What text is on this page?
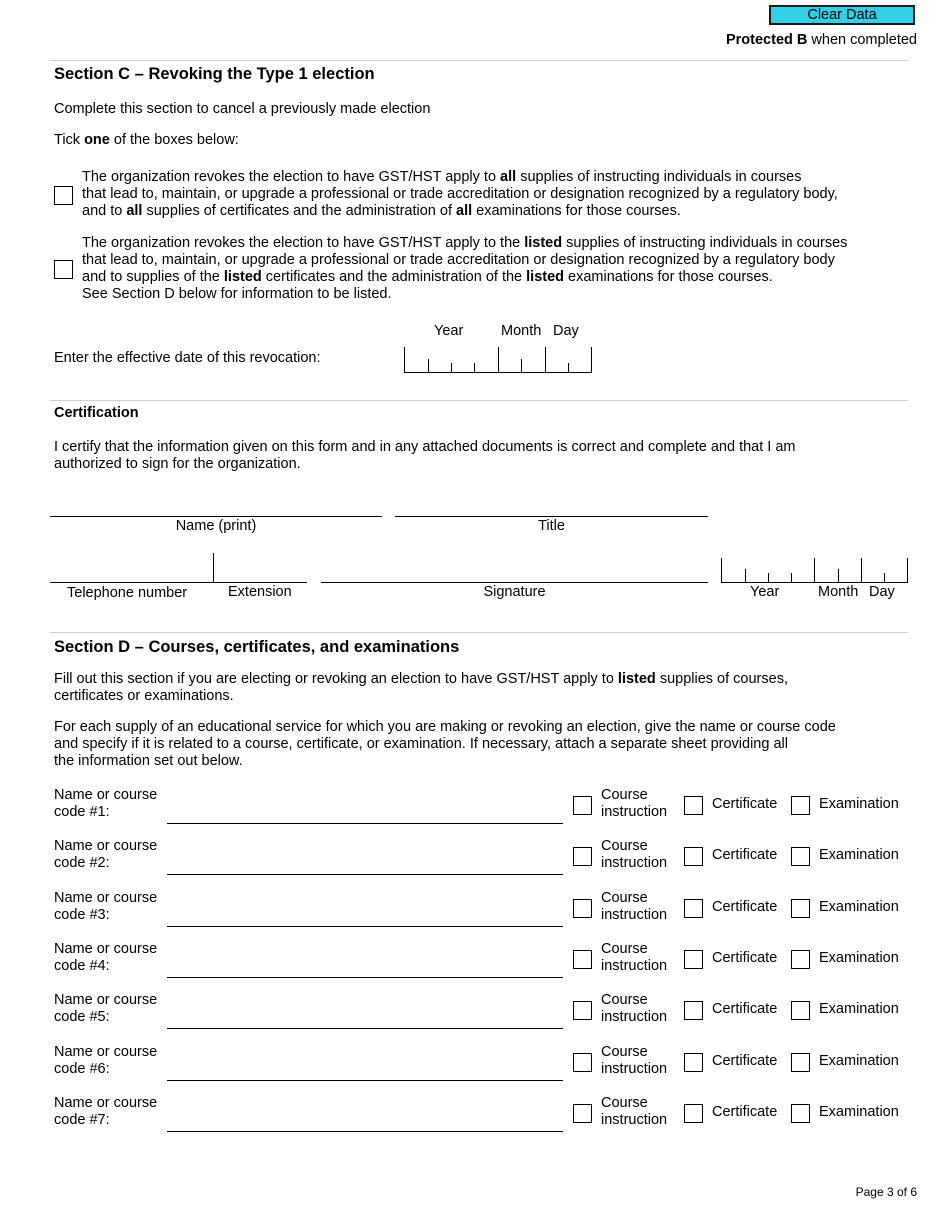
Clear Data
Protected B when completed
Section C – Revoking the Type 1 election
Complete this section to cancel a previously made election
Tick one of the boxes below:
The organization revokes the election to have GST/HST apply to all supplies of instructing individuals in courses
that lead to, maintain, or upgrade a professional or trade accreditation or designation recognized by a regulatory body,
and to all supplies of certificates and the administration of all examinations for those courses.
The organization revokes the election to have GST/HST apply to the listed supplies of instructing individuals in courses
that lead to, maintain, or upgrade a professional or trade accreditation or designation recognized by a regulatory body
and to supplies of the listed certificates and the administration of the listed examinations for those courses.
See Section D below for information to be listed.
Year	Month Day
Enter the effective date of this revocation:
Certification
I certify that the information given on this form and in any attached documents is correct and complete and that I am
authorized to sign for the organization.
Name (print)	Title
Telephone number	Extension	Signature	Year	Month Day
Section D – Courses, certificates, and examinations
Fill out this section if you are electing or revoking an election to have GST/HST apply to listed supplies of courses,
certificates or examinations.
For each supply of an educational service for which you are making or revoking an election, give the name or course code
and specify if it is related to a course, certificate, or examination. If necessary, attach a separate sheet providing all
the information set out below.
Name or course
code #1:
Course
instruction	Certificate	Examination
Name or course
code #2:
Course
instruction	Certificate	Examination
Name or course
code #3:
Course
instruction	Certificate	Examination
Name or course
code #4:
Course
instruction	Certificate	Examination
Name or course
code #5:
Course
instruction	Certificate	Examination
Name or course
code #6:
Course
instruction	Certificate	Examination
Name or course
code #7:
Course
instruction	Certificate	Examination
Page 3 of 6
